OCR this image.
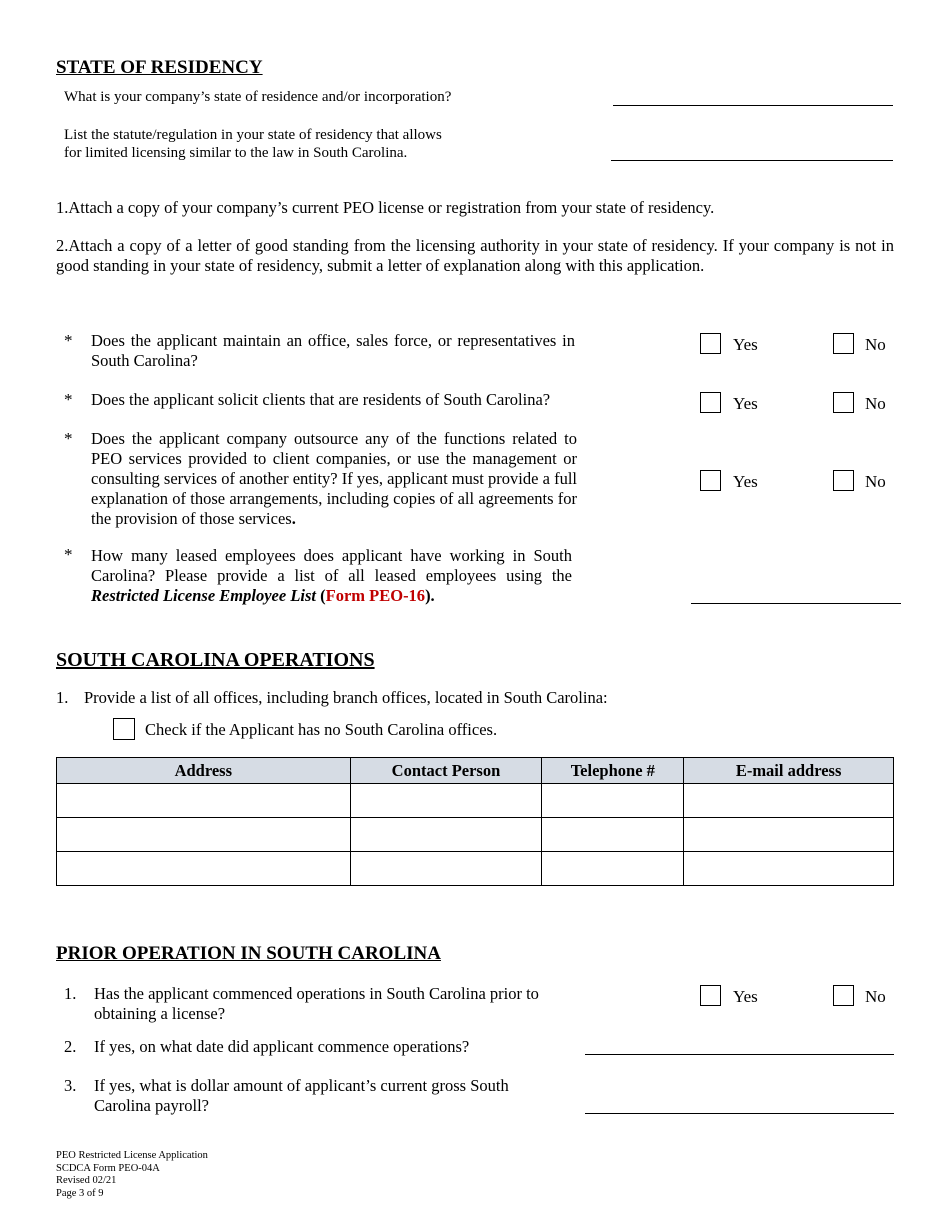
STATE OF RESIDENCY
What is your company’s state of residence and/or incorporation?
List the statute/regulation in your state of residency that allows
for limited licensing similar to the law in South Carolina.
1.Attach a copy of your company’s current PEO license or registration from your state of residency.
2.Attach a copy of a letter of good standing from the licensing authority in your state of residency. If your company is not in good standing in your state of residency, submit a letter of explanation along with this application.
* Does the applicant maintain an office, sales force, or representatives in South Carolina?
Yes	No
* Does the applicant solicit clients that are residents of South Carolina?	Yes	No
* Does the applicant company outsource any of the functions related to PEO services provided to client companies, or use the management or consulting services of another entity? If yes, applicant must provide a full explanation of those arrangements, including copies of all agreements for the provision of those services.
Yes	No
* How many leased employees does applicant have working in South Carolina? Please provide a list of all leased employees using the Restricted License Employee List (Form PEO-16).
SOUTH CAROLINA OPERATIONS
1. Provide a list of all offices, including branch offices, located in South Carolina:
Check if the Applicant has no South Carolina offices.
Address	Contact Person	Telephone #	E-mail address

PRIOR OPERATION IN SOUTH CAROLINA
1. Has the applicant commenced operations in South Carolina prior to
obtaining a license?
Yes	No
2. If yes, on what date did applicant commence operations?
3. If yes, what is dollar amount of applicant’s current gross South
Carolina payroll?
PEO Restricted License Application
SCDCA Form PEO-04A
Revised 02/21
Page 3 of 9
